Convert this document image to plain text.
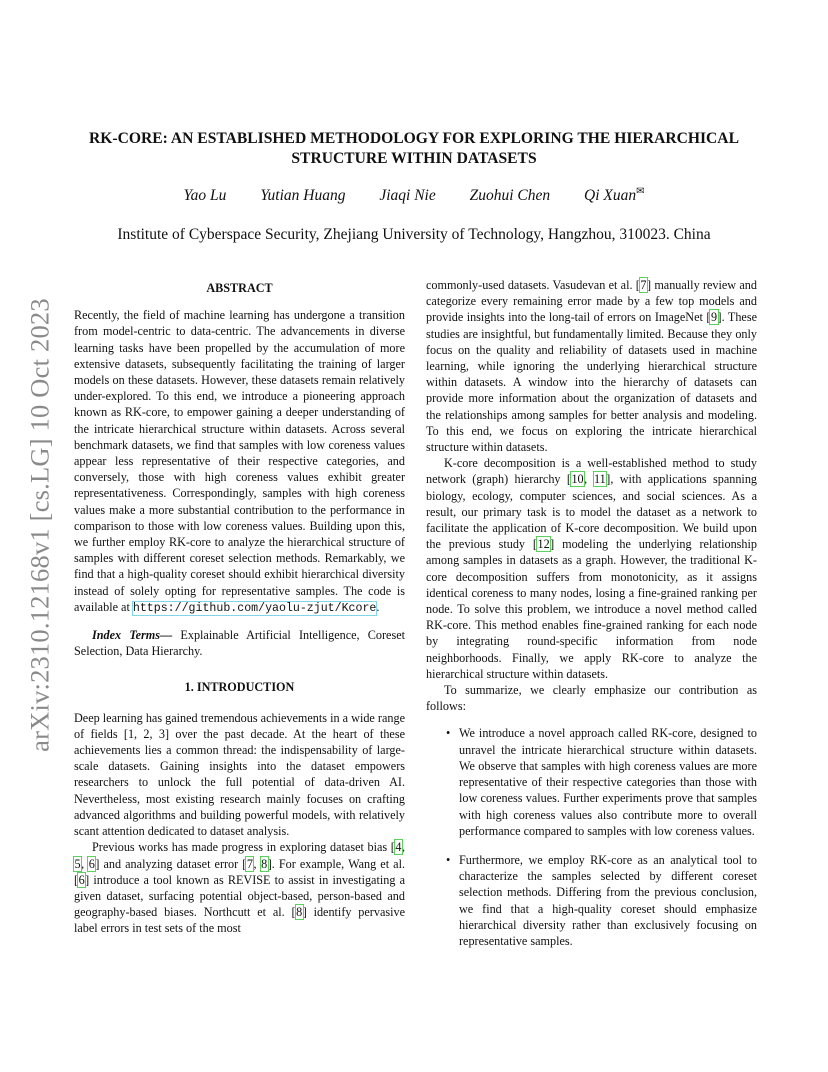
arXiv:2310.12168v1 [cs.LG] 10 Oct 2023
RK-CORE: AN ESTABLISHED METHODOLOGY FOR EXPLORING THE HIERARCHICAL
STRUCTURE WITHIN DATASETS
Yao Lu Yutian Huang Jiaqi Nie Zuohui Chen Qi Xuan✉
Institute of Cyberspace Security, Zhejiang University of Technology, Hangzhou, 310023. China
ABSTRACT

Recently, the field of machine learning has undergone a transition from model-centric to data-centric. The advancements in diverse learning tasks have been propelled by the accumulation of more extensive datasets, subsequently facilitating the training of larger models on these datasets. However, these datasets remain relatively under-explored. To this end, we introduce a pioneering approach known as RK-core, to empower gaining a deeper understanding of the intricate hierarchical structure within datasets. Across several benchmark datasets, we find that samples with low coreness values appear less representative of their respective categories, and conversely, those with high coreness values exhibit greater representativeness. Correspondingly, samples with high coreness values make a more substantial contribution to the performance in comparison to those with low coreness values. Building upon this, we further employ RK-core to analyze the hierarchical structure of samples with different coreset selection methods. Remarkably, we find that a high-quality coreset should exhibit hierarchical diversity instead of solely opting for representative samples. The code is available at https://github.com/yaolu-zjut/Kcore.

Index Terms— Explainable Artificial Intelligence, Coreset Selection, Data Hierarchy.

1. INTRODUCTION

Deep learning has gained tremendous achievements in a wide range of fields [1, 2, 3] over the past decade. At the heart of these achievements lies a common thread: the indispensability of large-scale datasets. Gaining insights into the dataset empowers researchers to unlock the full potential of data-driven AI. Nevertheless, most existing research mainly focuses on crafting advanced algorithms and building powerful models, with relatively scant attention dedicated to dataset analysis.

Previous works has made progress in exploring dataset bias [4, 5, 6] and analyzing dataset error [7, 8]. For example, Wang et al. [6] introduce a tool known as REVISE to assist in investigating a given dataset, surfacing potential object-based, person-based and geography-based biases. Northcutt et al. [8] identify pervasive label errors in test sets of the most

commonly-used datasets. Vasudevan et al. [7] manually review and categorize every remaining error made by a few top models and provide insights into the long-tail of errors on ImageNet [9]. These studies are insightful, but fundamentally limited. Because they only focus on the quality and reliability of datasets used in machine learning, while ignoring the underlying hierarchical structure within datasets. A window into the hierarchy of datasets can provide more information about the organization of datasets and the relationships among samples for better analysis and modeling. To this end, we focus on exploring the intricate hierarchical structure within datasets.

K-core decomposition is a well-established method to study network (graph) hierarchy [10, 11], with applications spanning biology, ecology, computer sciences, and social sciences. As a result, our primary task is to model the dataset as a network to facilitate the application of K-core decomposition. We build upon the previous study [12] modeling the underlying relationship among samples in datasets as a graph. However, the traditional K-core decomposition suffers from monotonicity, as it assigns identical coreness to many nodes, losing a fine-grained ranking per node. To solve this problem, we introduce a novel method called RK-core. This method enables fine-grained ranking for each node by integrating round-specific information from node neighborhoods. Finally, we apply RK-core to analyze the hierarchical structure within datasets.

To summarize, we clearly emphasize our contribution as follows:

• We introduce a novel approach called RK-core, designed to unravel the intricate hierarchical structure within datasets. We observe that samples with high coreness values are more representative of their respective categories than those with low coreness values. Further experiments prove that samples with high coreness values also contribute more to overall performance compared to samples with low coreness values.
• Furthermore, we employ RK-core as an analytical tool to characterize the samples selected by different coreset selection methods. Differing from the previous conclusion, we find that a high-quality coreset should emphasize hierarchical diversity rather than exclusively focusing on representative samples.
